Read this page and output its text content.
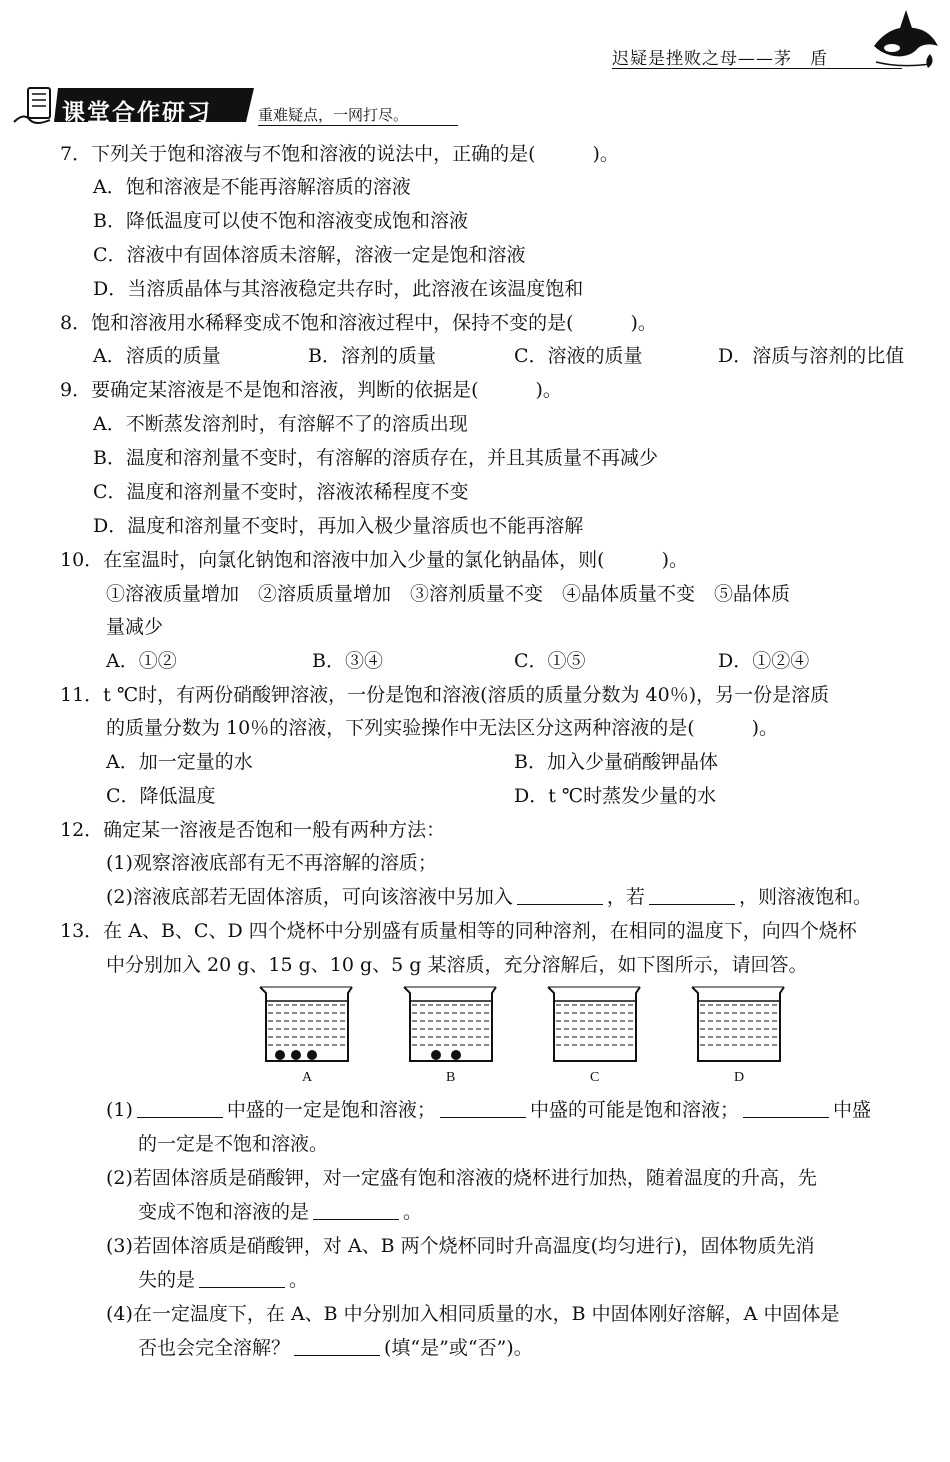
迟疑是挫败之母——茅　盾
课堂合作研习	重难疑点，一网打尽。
7．下列关于饱和溶液与不饱和溶液的说法中，正确的是(　　　)。
A．饱和溶液是不能再溶解溶质的溶液
B．降低温度可以使不饱和溶液变成饱和溶液
C．溶液中有固体溶质未溶解，溶液一定是饱和溶液
D．当溶质晶体与其溶液稳定共存时，此溶液在该温度饱和
8．饱和溶液用水稀释变成不饱和溶液过程中，保持不变的是(　　　)。
A．溶质的质量	B．溶剂的质量	C．溶液的质量	D．溶质与溶剂的比值
9．要确定某溶液是不是饱和溶液，判断的依据是(　　　)。
A．不断蒸发溶剂时，有溶解不了的溶质出现
B．温度和溶剂量不变时，有溶解的溶质存在，并且其质量不再减少
C．温度和溶剂量不变时，溶液浓稀程度不变
D．温度和溶剂量不变时，再加入极少量溶质也不能再溶解
10．在室温时，向氯化钠饱和溶液中加入少量的氯化钠晶体，则(　　　)。
①溶液质量增加　②溶质质量增加　③溶剂质量不变　④晶体质量不变　⑤晶体质
量减少
A．①②	B．③④	C．①⑤	D．①②④
11．t ℃时，有两份硝酸钾溶液，一份是饱和溶液(溶质的质量分数为 40％)，另一份是溶质
的质量分数为 10％的溶液，下列实验操作中无法区分这两种溶液的是(　　　)。
A．加一定量的水	B．加入少量硝酸钾晶体
C．降低温度	D．t ℃时蒸发少量的水
12．确定某一溶液是否饱和一般有两种方法：
(1)观察溶液底部有无不再溶解的溶质；
(2)溶液底部若无固体溶质，可向该溶液中另加入	，若	，则溶液饱和。
13．在 A、B、C、D 四个烧杯中分别盛有质量相等的同种溶剂，在相同的温度下，向四个烧杯
中分别加入 20 g、15 g、10 g、5 g 某溶质，充分溶解后，如下图所示，请回答。
A	B	C	D
(1)	中盛的一定是饱和溶液；	中盛的可能是饱和溶液；	中盛
的一定是不饱和溶液。
(2)若固体溶质是硝酸钾，对一定盛有饱和溶液的烧杯进行加热，随着温度的升高，先
变成不饱和溶液的是	。
(3)若固体溶质是硝酸钾，对 A、B 两个烧杯同时升高温度(均匀进行)，固体物质先消
失的是	。
(4)在一定温度下，在 A、B 中分别加入相同质量的水，B 中固体刚好溶解，A 中固体是
否也会完全溶解？	(填“是”或“否”)。
